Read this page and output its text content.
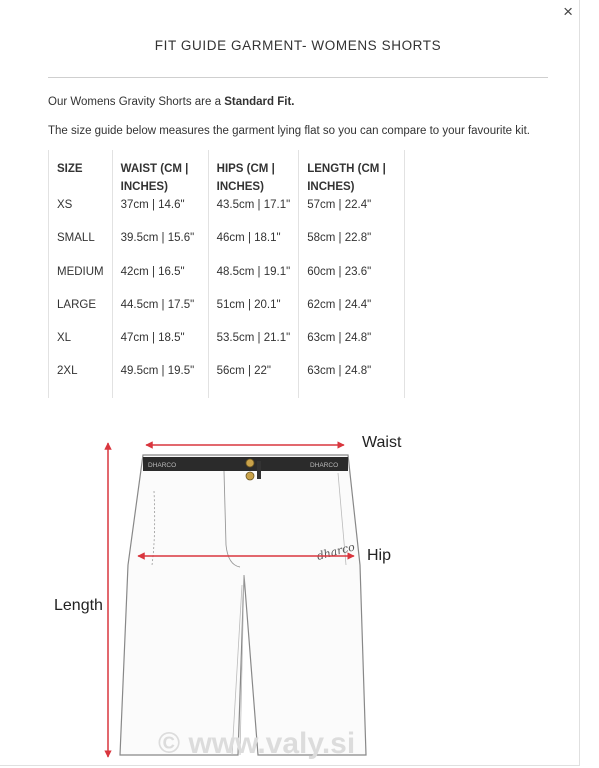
×
FIT GUIDE GARMENT- WOMENS SHORTS
Our Womens Gravity Shorts are a Standard Fit.
The size guide below measures the garment lying flat so you can compare to your favourite kit.
SIZE	WAIST (CM | INCHES)	HIPS (CM | INCHES)	LENGTH (CM | INCHES)
XS	37cm | 14.6"	43.5cm | 17.1"	57cm | 22.4"
SMALL	39.5cm | 15.6"	46cm | 18.1"	58cm | 22.8"
MEDIUM	42cm | 16.5"	48.5cm | 19.1"	60cm | 23.6"
LARGE	44.5cm | 17.5"	51cm | 20.1"	62cm | 24.4"
XL	47cm | 18.5"	53.5cm | 21.1"	63cm | 24.8"
2XL	49.5cm | 19.5"	56cm | 22"	63cm | 24.8"
DHARCO	DHARCO
dharco
© www.valy.si
Waist
Hip
Length
